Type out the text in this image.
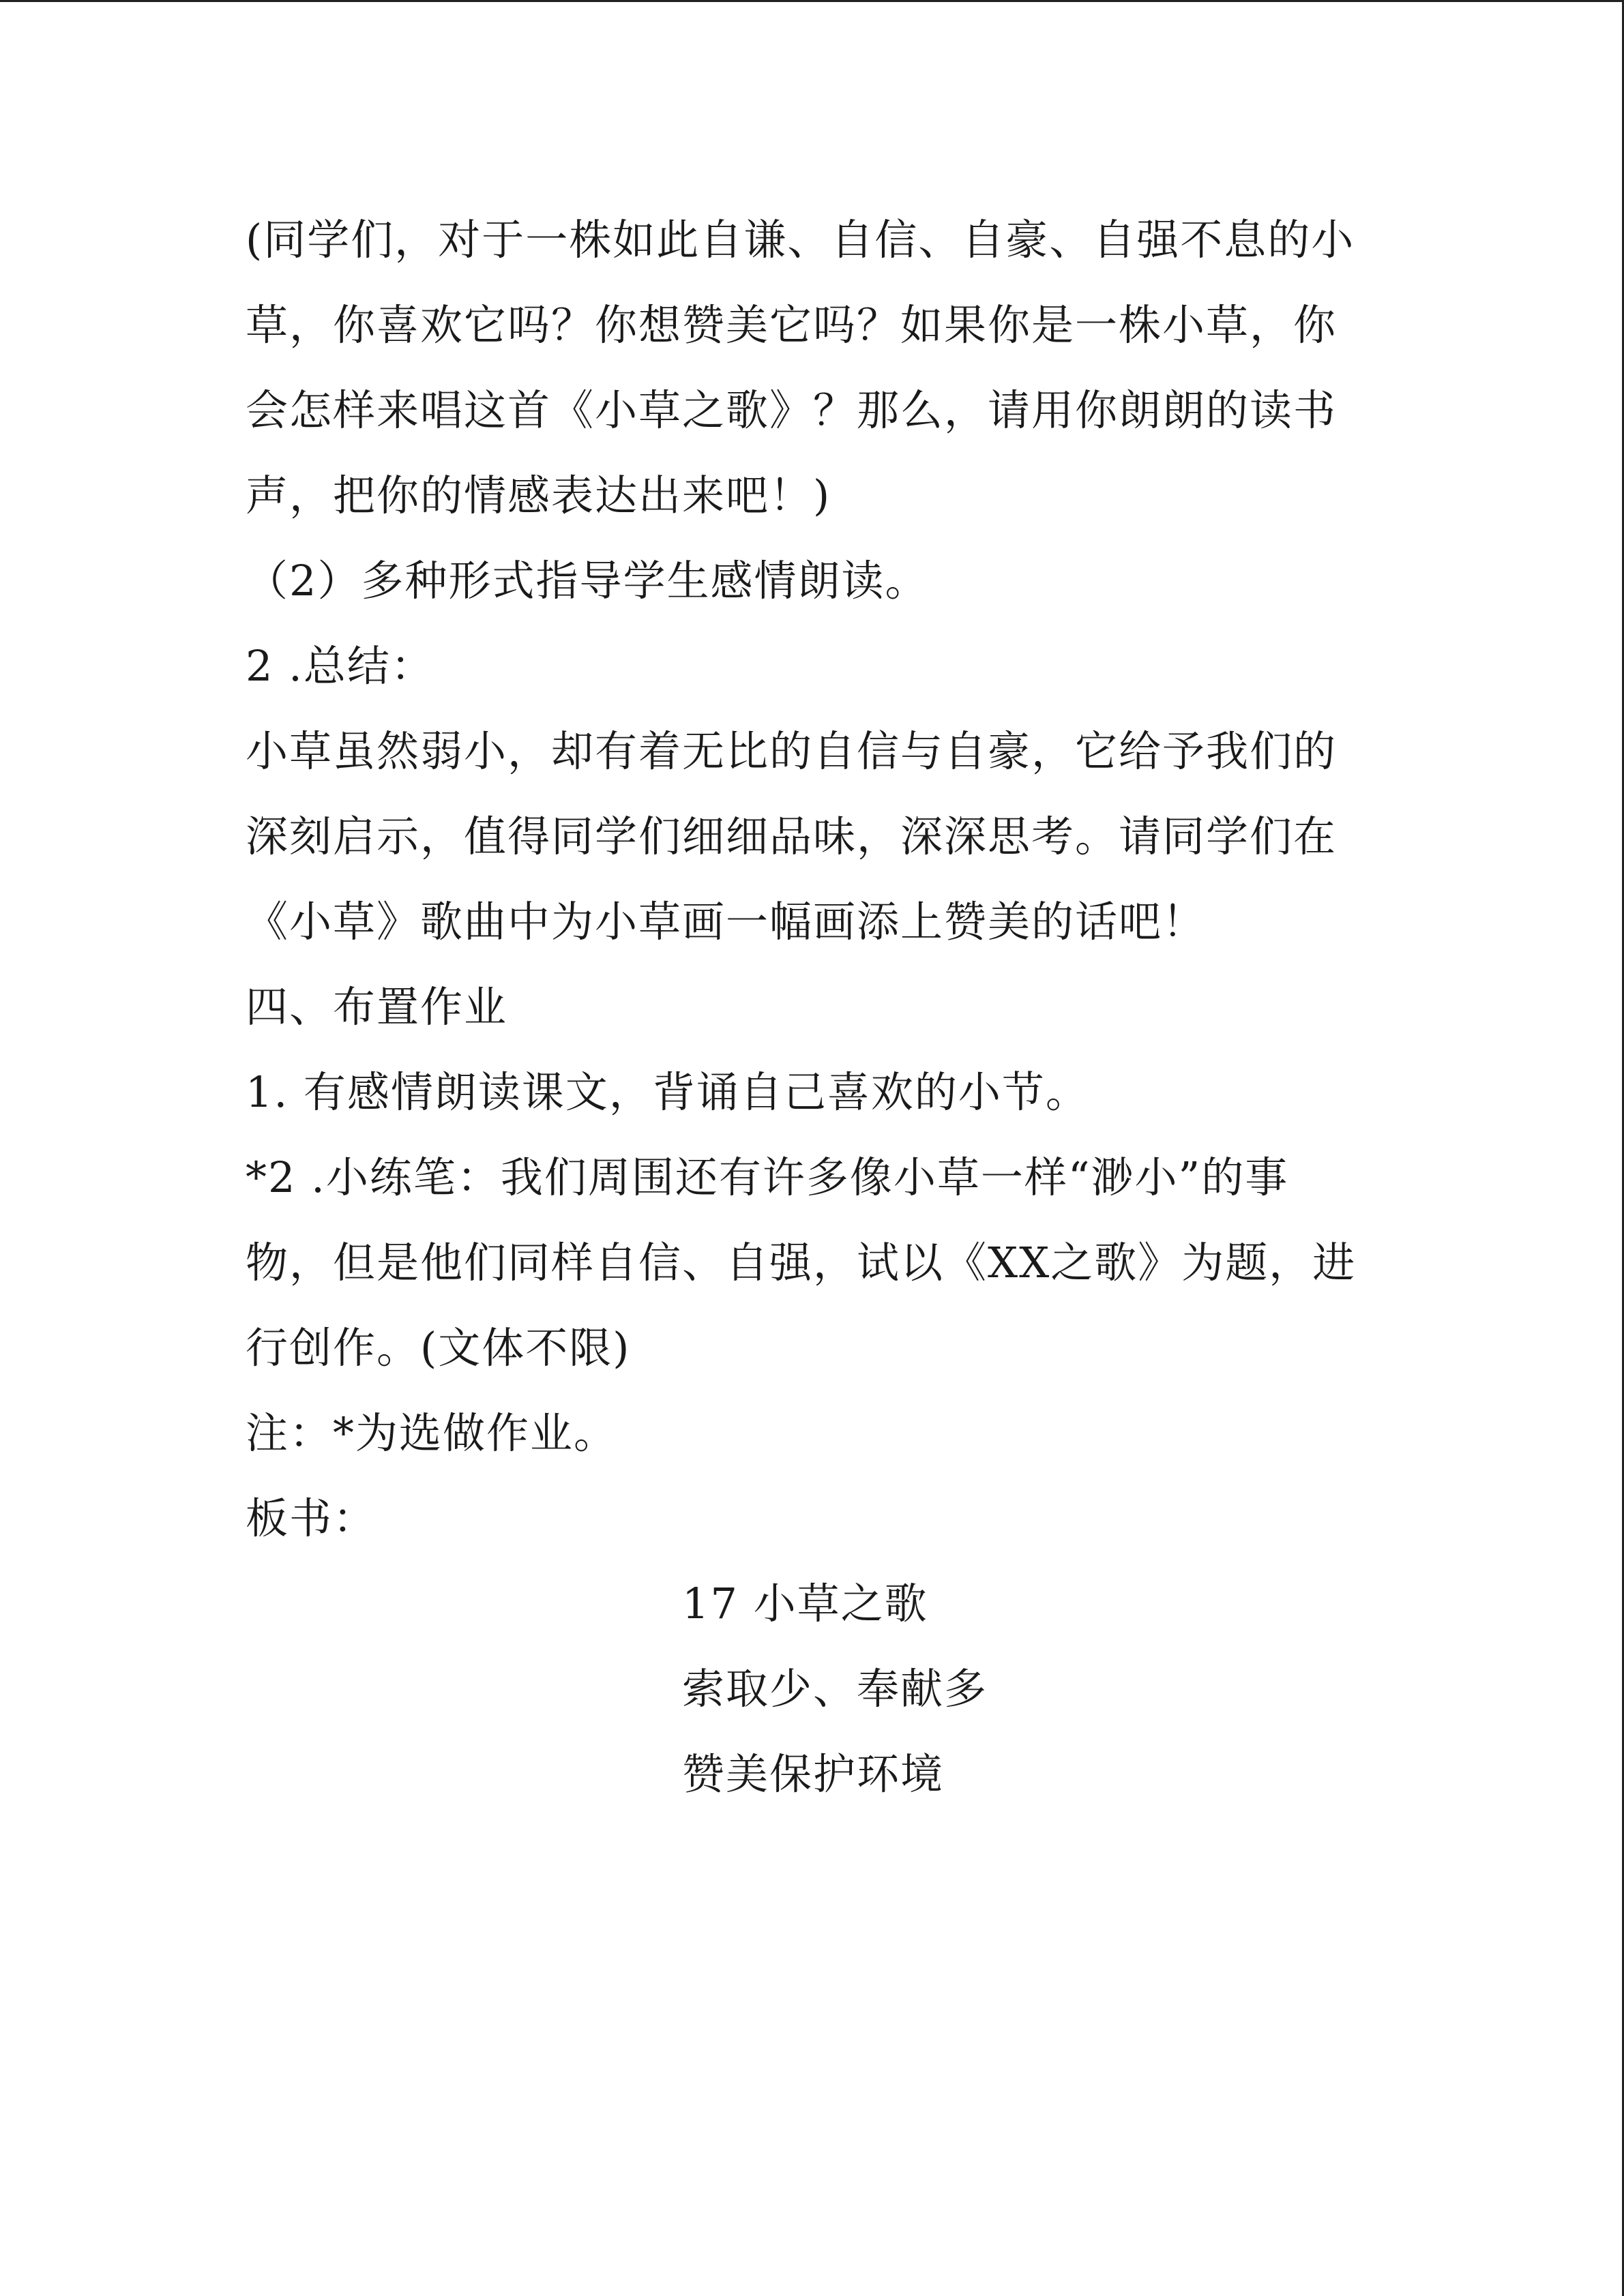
(同学们，对于一株如此自谦、自信、自豪、自强不息的小
草，你喜欢它吗？你想赞美它吗？如果你是一株小草，你
会怎样来唱这首《小草之歌》？那么，请用你朗朗的读书
声，把你的情感表达出来吧！)
（2）多种形式指导学生感情朗读。
2 .总结：
小草虽然弱小，却有着无比的自信与自豪，它给予我们的
深刻启示，值得同学们细细品味，深深思考。请同学们在
《小草》歌曲中为小草画一幅画添上赞美的话吧！
四、布置作业
1. 有感情朗读课文，背诵自己喜欢的小节。
*2 .小练笔：我们周围还有许多像小草一样“渺小”的事
物，但是他们同样自信、自强，试以《XX之歌》为题，进
行创作。(文体不限)
注：*为选做作业。
板书：
17 小草之歌
索取少、奉献多
赞美保护环境
